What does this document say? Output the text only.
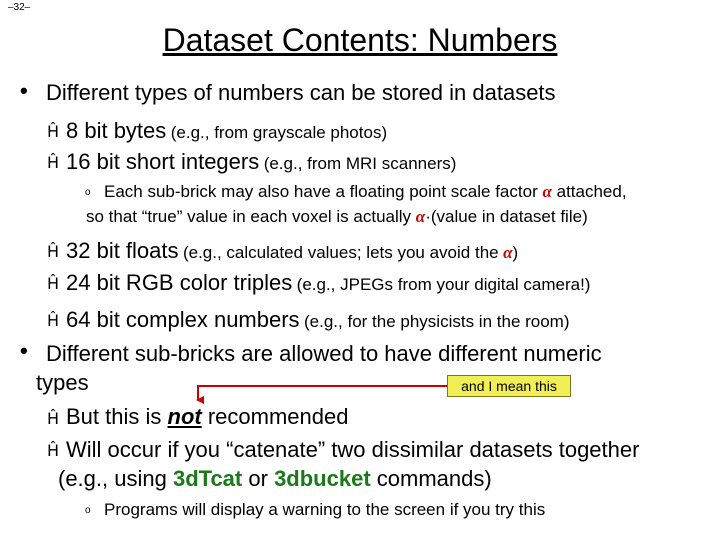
–32–
Dataset Contents: Numbers
• Different types of numbers can be stored in datasets
Ĥ 8 bit bytes (e.g., from grayscale photos)
Ĥ 16 bit short integers (e.g., from MRI scanners)
o Each sub-brick may also have a floating point scale factor α attached,
so that “true” value in each voxel is actually α·(value in dataset file)
Ĥ 32 bit floats (e.g., calculated values; lets you avoid the α)
Ĥ 24 bit RGB color triples (e.g., JPEGs from your digital camera!)
Ĥ 64 bit complex numbers (e.g., for the physicists in the room)
• Different sub-bricks are allowed to have different numeric
types	and I mean this
Ĥ But this is not recommended
Ĥ Will occur if you “catenate” two dissimilar datasets together
(e.g., using 3dTcat or 3dbucket commands)
o Programs will display a warning to the screen if you try this
